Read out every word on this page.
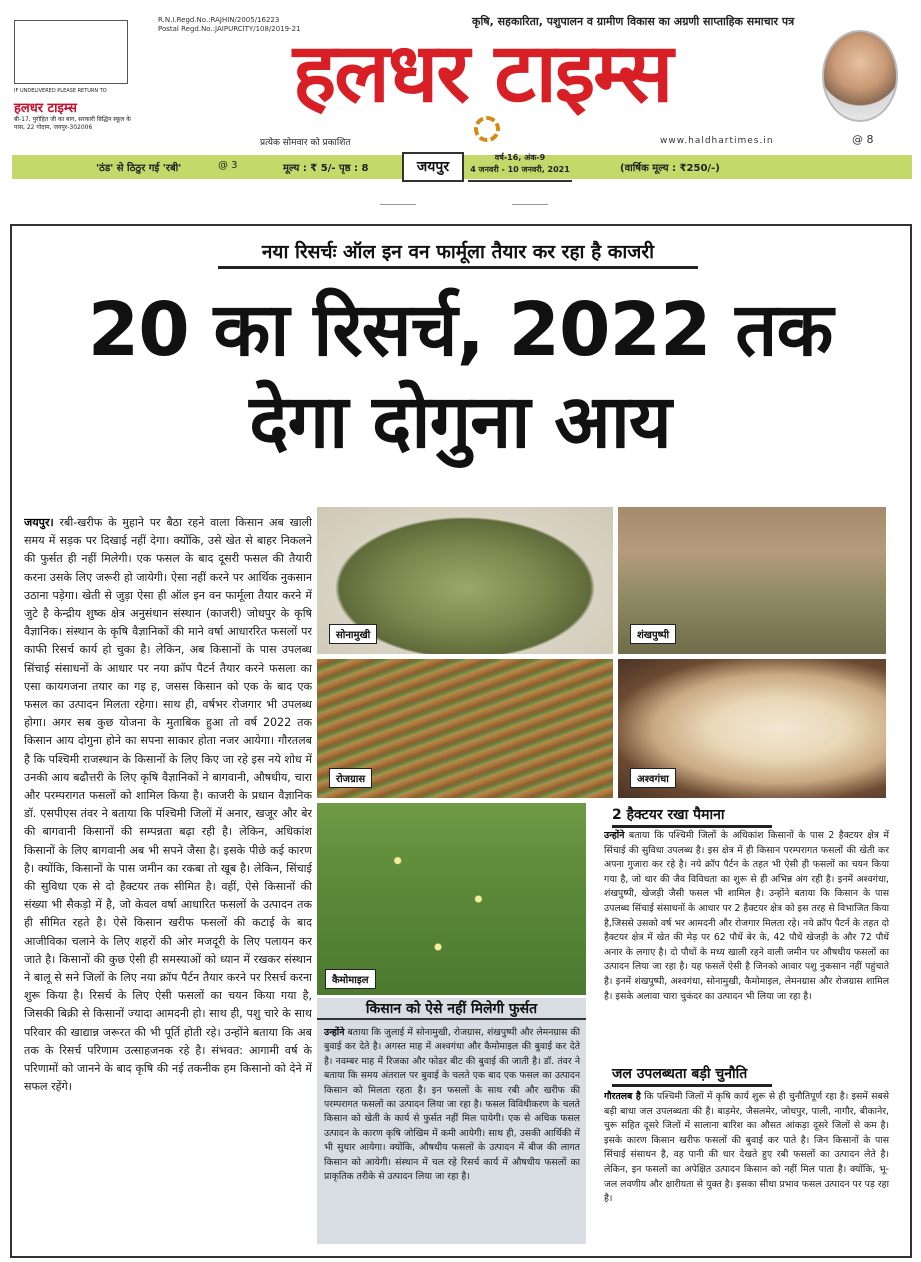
IF UNDELIVERED PLEASE RETURN TO
हलधर टाइम्स
बी-17, पुरोहित जी का बाग, सरकारी विद्धिन स्कूल के पास, 22 गोदाम, जयपुर-302006
R.N.I.Regd.No.:RAJHIN/2005/16223
Postal Regd.No.:JAIPURCITY/108/2019-21
कृषि, सहकारिता, पशुपालन व ग्रामीण विकास का अग्रणी साप्ताहिक समाचार पत्र
हलधर टाइम्स
प्रत्येक सोमवार को प्रकाशित	www.haldhartimes.in	@ 8
'ठंड' से ठिठुर गई 'रबी'	@ 3	मूल्य : ₹ 5/- पृष्ठ : 8	जयपुर
वर्ष-16, अंक-9
4 जनवरी - 10 जनवरी, 2021	(वार्षिक मूल्य : ₹250/-)
नया रिसर्चः ऑल इन वन फार्मूला तैयार कर रहा है काजरी
20 का रिसर्च, 2022 तक देगा दोगुना आय
जयपुर। रबी-खरीफ के मुहाने पर बैठा रहने वाला किसान अब खाली समय में सड़क पर दिखाई नहीं देगा। क्योंकि, उसे खेत से बाहर निकलने की फुर्सत ही नहीं मिलेगी। एक फसल के बाद दूसरी फसल की तैयारी करना उसके लिए जरूरी हो जायेगी। ऐसा नहीं करने पर आर्थिक नुकसान उठाना पड़ेगा। खेती से जुड़ा ऐसा ही ऑल इन वन फार्मूला तैयार करने में जुटे है केन्द्रीय शुष्क क्षेत्र अनुसंधान संस्थान (काजरी) जोधपुर के कृषि वैज्ञानिक। संस्थान के कृषि वैज्ञानिकों की माने वर्षा आधाररित फसलों पर काफी रिसर्च कार्य हो चुका है। लेकिन, अब किसानों के पास उपलब्ध सिंचाई संसाधनों के आधार पर नया क्रॉप पैटर्न तैयार करने फसला का एसा कायगजना तयार का गइ ह, जसस किसान को एक के बाद एक फसल का उत्पादन मिलता रहेगा। साथ ही, वर्षभर रोजगार भी उपलब्ध होगा। अगर सब कुछ योजना के मुताबिक हुआ तो वर्ष 2022 तक किसान आय दोगुना होने का सपना साकार होता नजर आयेगा। गौरतलब है कि पश्चिमी राजस्थान के किसानों के लिए किए जा रहे इस नये शोध में उनकी आय बढौत्तरी के लिए कृषि वैज्ञानिकों ने बागवानी, औषधीय, चारा और परम्परागत फसलों को शामिल किया है। काजरी के प्रधान वैज्ञानिक डॉ. एसपीएस तंवर ने बताया कि पश्चिमी जिलों में अनार, खजूर और बेर की बागवानी किसानों की सम्पन्नता बढ़ा रही है। लेकिन, अधिकांश किसानों के लिए बागवानी अब भी सपने जैसा है। इसके पीछे कई कारण है। क्योंकि, किसानों के पास जमीन का रकबा तो खूब है। लेकिन, सिंचाई की सुविधा एक से दो हैक्टयर तक सीमित है। वहीं, ऐसे किसानों की संख्या भी सैकड़ो में है, जो केवल वर्षा आधारित फसलों के उत्पादन तक ही सीमित रहते है। ऐसे किसान खरीफ फसलों की कटाई के बाद आजीविका चलाने के लिए शहरों की ओर मजदूरी के लिए पलायन कर जाते है। किसानों की कुछ ऐसी ही समस्याओं को ध्यान में रखकर संस्थान ने बालू से सने जिलों के लिए नया क्रॉप पैर्टन तैयार करने पर रिसर्च करना शुरू किया है। रिसर्च के लिए ऐसी फसलों का चयन किया गया है, जिसकी बिक्री से किसानों ज्यादा आमदनी हो। साथ ही, पशु चारे के साथ परिवार की खाद्यान्न जरूरत की भी पूर्ति होती रहे। उन्होंने बताया कि अब तक के रिसर्च परिणाम उत्साहजनक रहे है। संभवत: आगामी वर्ष के परिणामों को जानने के बाद कृषि की नई तकनीक हम किसानो को देने में सफल रहेंगे।
सोनामुखी	शंखपुष्पी
रोजग्रास	अश्वगंधा
कैमोमाइल
किसान को ऐसे नहीं मिलेगी फुर्सत
उन्होंने बताया कि जुलाई में सोनामुखी, रोजग्रास, शंखपुष्पी और लेमनग्रास की बुवाई कर देते है। अगस्त माह में अश्वगंधा और कैमोमाइल की बुवाई कर देते है। नवम्बर माह में रिजका और फोडर बीट की बुवाई की जाती है। डॉ. तंवर ने बताया कि समय अंतराल पर बुवाई के चलते एक बाद एक फसल का उत्पादन किसान को मिलता रहता है। इन फसलों के साथ रबी और खरीफ की परम्परागत फसलों का उत्पादन लिया जा रहा है। फसल विविधीकरण के चलते किसान को खेती के कार्य से फुर्सत नहीं मिल पायेगी। एक से अधिक फसल उत्पादन के कारण कृषि जोखिम में कमी आयेगी। साथ ही, उसकी आर्थिकी में भी सुधार आयेगा। क्योंकि, औषधीय फसलों के उत्पादन में बीज की लागत किसान को आयेगी। संस्थान में चल रहे रिसर्च कार्य में औषधीय फसलों का प्राकृतिक तरीके से उत्पादन लिया जा रहा है।
2 हैक्टयर रखा पैमाना
उन्होंने बताया कि पश्चिमी जिलों के अधिकांश किसानों के पास 2 हैक्टयर क्षेत्र में सिंचाई की सुविधा उपलब्ध है। इस क्षेत्र में ही किसान परम्परागत फसलों की खेती कर अपना गुजारा कर रहे है। नये क्रॉप पैर्टन के तहत भी ऐसी ही फसलों का चयन किया गया है, जो थार की जैव विविधता का शुरू से ही अभिन्न अंग रही है। इनमें अश्वगंधा, शंखपुष्पी, खेजड़ी जैसी फसल भी शामिल है। उन्होंने बताया कि किसान के पास उपलब्ध सिंचाई संसाधनों के आधार पर 2 हैक्टयर क्षेत्र को इस तरह से विभाजित किया है,जिससे उसको वर्ष भर आमदनी और रोजगार मिलता रहे। नये क्रॉप पैटर्न के तहत दो हैक्टयर क्षेत्र में खेत की मेड़ पर 62 पौधें बेर के, 42 पौधें खेजड़ी के और 72 पौधें अनार के लगाए है। दो पौधों के मध्य खाली रहने वाली जमीन पर औषधीय फसलों का उत्पादन लिया जा रहा है। यह फसलें ऐसी है जिनको आवार पशु नुकसान नहीं पहुंचाते है। इनमें शंखपुष्पी, अश्वगंधा, सोनामुखी, कैमोमाइल, लेमनग्रास और रोजग्रास शामिल है। इसके अलावा चारा चुकंदर का उत्पादन भी लिया जा रहा है।
जल उपलब्धता बड़ी चुनौति
गौरतलब है कि पश्चिमी जिलों में कृषि कार्य शुरू से ही चुनौतिपूर्ण रहा है। इसमें सबसे बड़ी बाधा जल उपलब्धता की है। बाड़मेर, जैसलमेर, जोधपुर, पाली, नागौर, बीकानेर, चुरू सहित दूसरे जिलों में सालाना बारिश का औसत आंकड़ा दूसरे जिलों से कम है। इसके कारण किसान खरीफ फसलों की बुवाई कर पाते है। जिन किसानों के पास सिंचाई संसाधन है, वह पानी की धार देखते हुए रबी फसलों का उत्पादन लेते है। लेकिन, इन फसलों का अपेक्षित उत्पादन किसान को नहीं मिल पाता है। क्योंकि, भू-जल लवणीय और क्षारीयता से युक्त है। इसका सीधा प्रभाव फसल उत्पादन पर पड़ रहा है।
